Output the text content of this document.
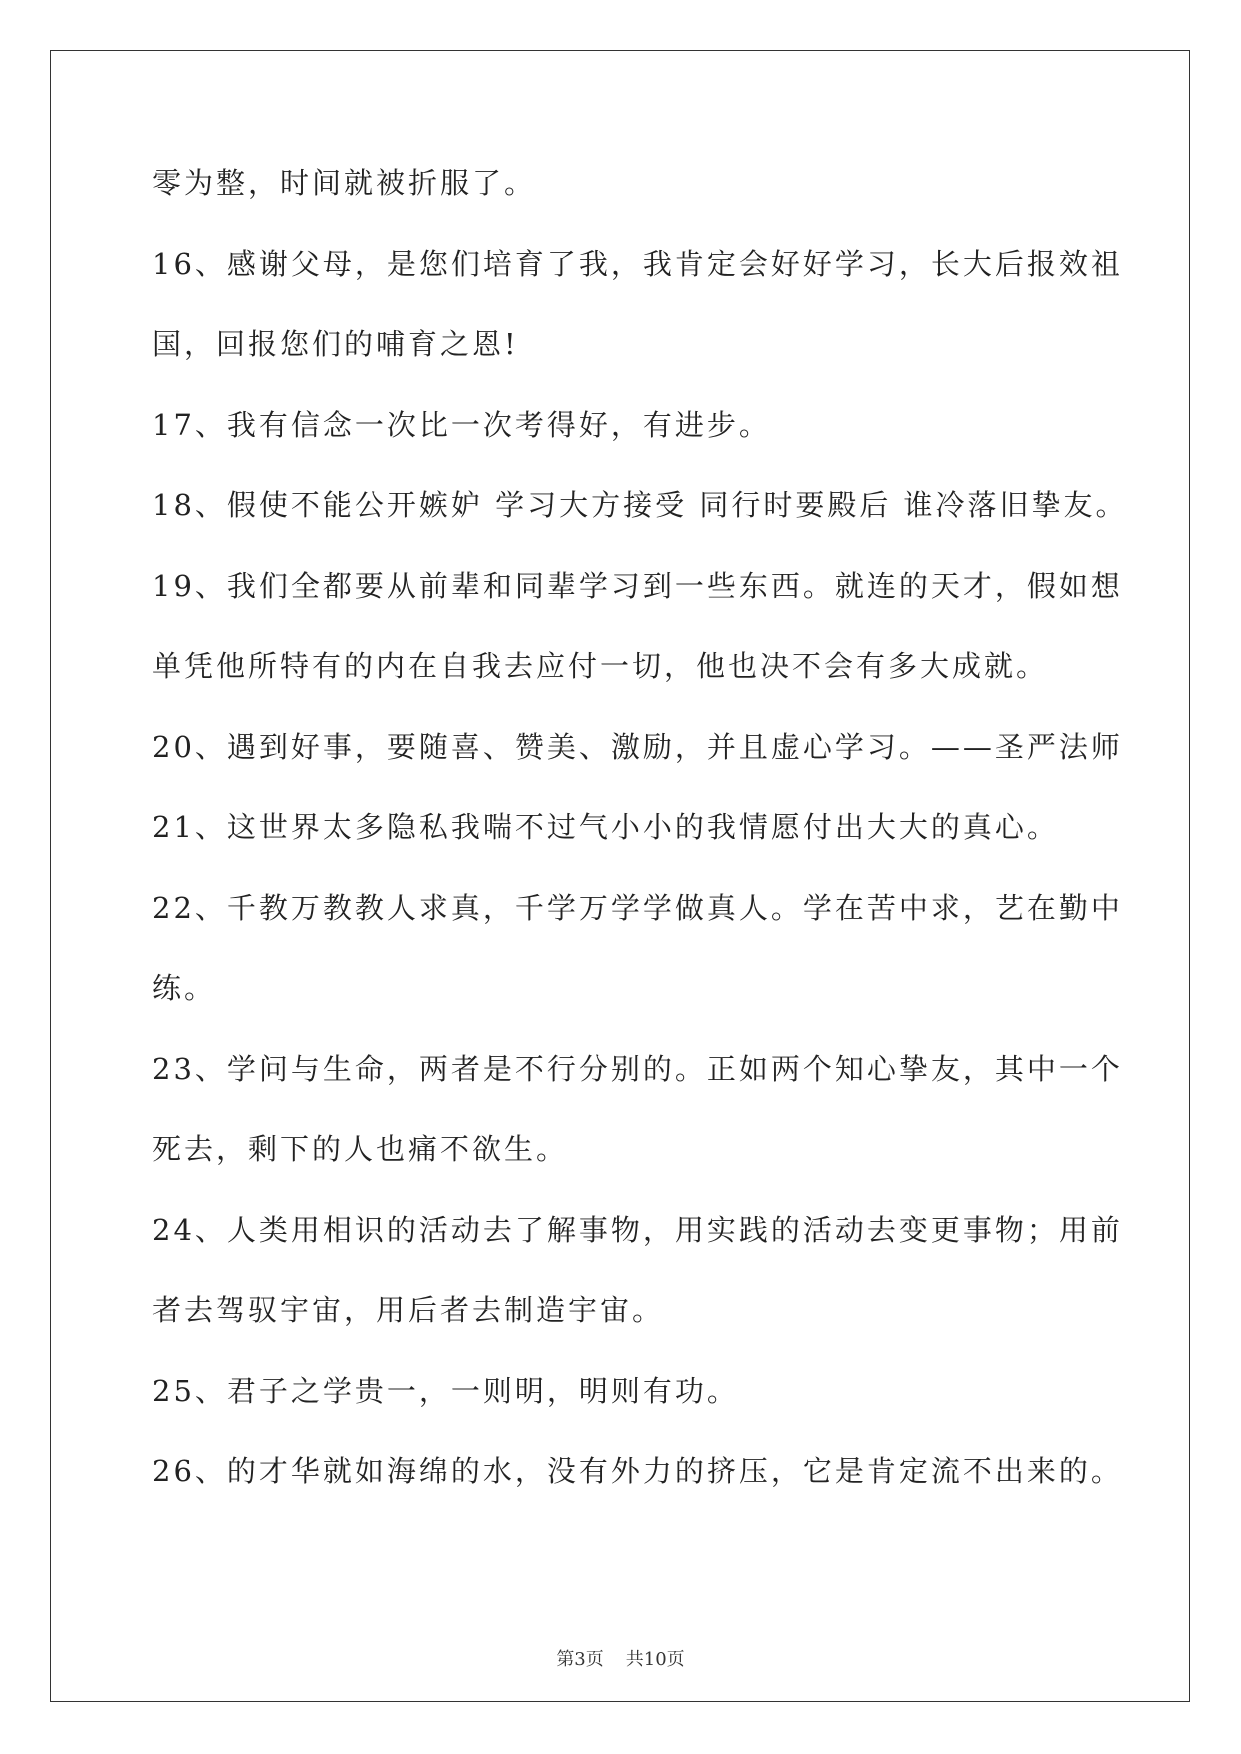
零为整，时间就被折服了。
16、感谢父母，是您们培育了我，我肯定会好好学习，长大后报效祖
国，回报您们的哺育之恩!
17、我有信念一次比一次考得好，有进步。
18、假使不能公开嫉妒 学习大方接受 同行时要殿后 谁冷落旧挚友。
19、我们全都要从前辈和同辈学习到一些东西。就连的天才，假如想
单凭他所特有的内在自我去应付一切，他也决不会有多大成就。
20、遇到好事，要随喜、赞美、激励，并且虚心学习。——圣严法师
21、这世界太多隐私我喘不过气小小的我情愿付出大大的真心。
22、千教万教教人求真，千学万学学做真人。学在苦中求，艺在勤中
练。
23、学问与生命，两者是不行分别的。正如两个知心挚友，其中一个
死去，剩下的人也痛不欲生。
24、人类用相识的活动去了解事物，用实践的活动去变更事物；用前
者去驾驭宇宙，用后者去制造宇宙。
25、君子之学贵一，一则明，明则有功。
26、的才华就如海绵的水，没有外力的挤压，它是肯定流不出来的。
第3页 共10页
